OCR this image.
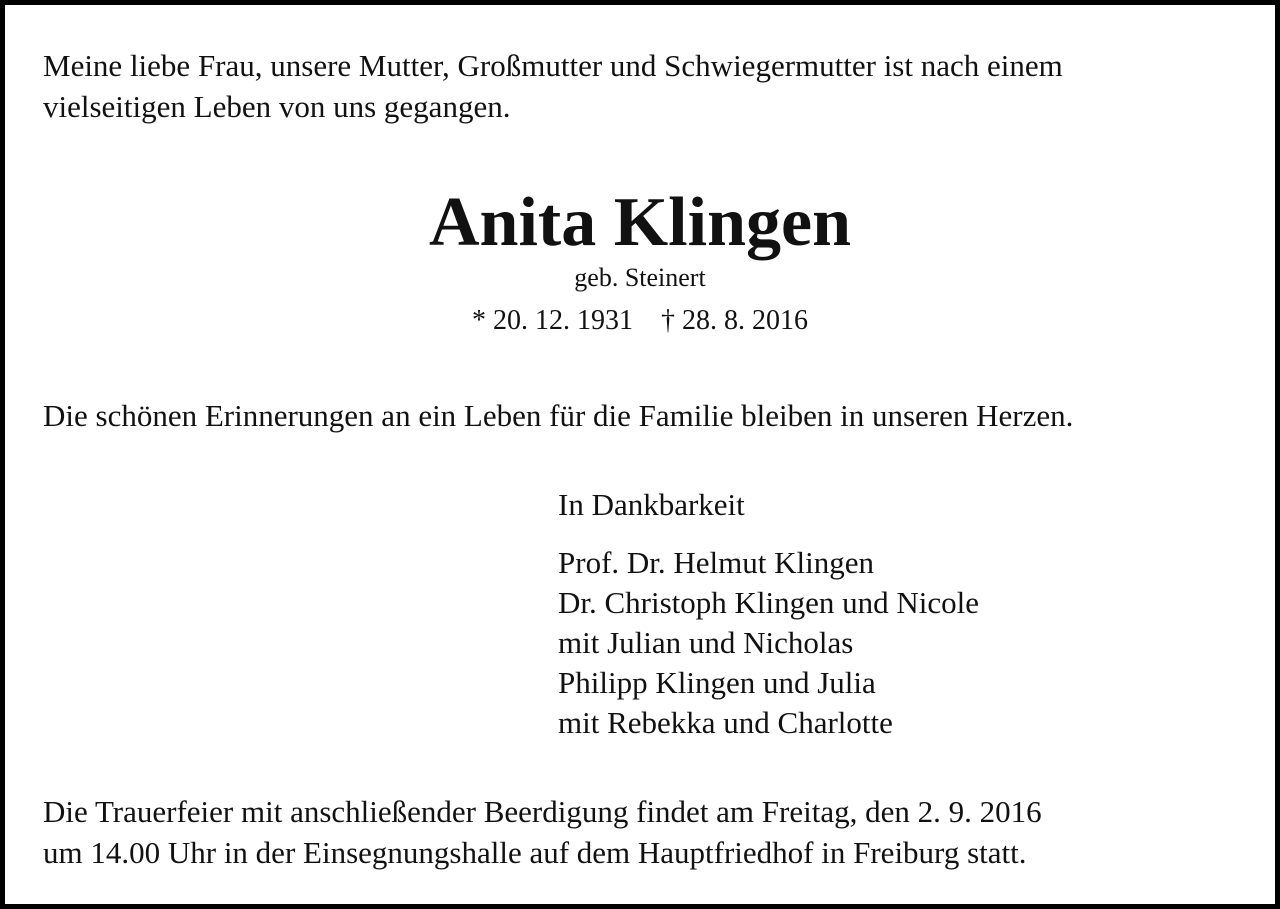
Meine liebe Frau, unsere Mutter, Großmutter und Schwiegermutter ist nach einem
vielseitigen Leben von uns gegangen.
Anita Klingen

geb. Steinert

* 20. 12. 1931 † 28. 8. 2016

Die schönen Erinnerungen an ein Leben für die Familie bleiben in unseren Herzen.
In Dankbarkeit
Prof. Dr. Helmut Klingen
Dr. Christoph Klingen und Nicole
mit Julian und Nicholas
Philipp Klingen und Julia
mit Rebekka und Charlotte
Die Trauerfeier mit anschließender Beerdigung findet am Freitag, den 2. 9. 2016
um 14.00 Uhr in der Einsegnungshalle auf dem Hauptfriedhof in Freiburg statt.
